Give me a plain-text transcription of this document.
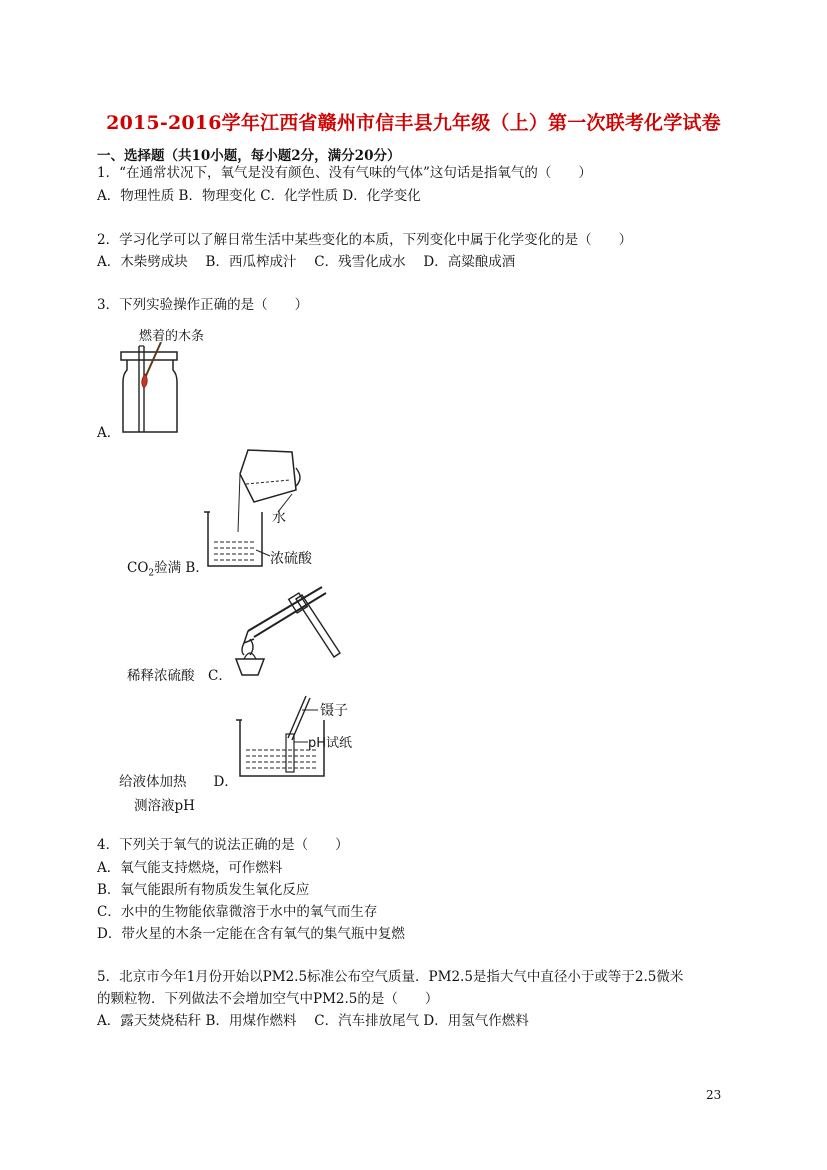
2015-2016学年江西省赣州市信丰县九年级（上）第一次联考化学试卷
一、选择题（共10小题，每小题2分，满分20分）
1．“在通常状况下，氧气是没有颜色、没有气味的气体”这句话是指氧气的（　　）
A．物理性质 B．物理变化 C．化学性质 D．化学变化
2．学习化学可以了解日常生活中某些变化的本质，下列变化中属于化学变化的是（　　）
A．木柴劈成块　 B．西瓜榨成汁　 C．残雪化成水　 D．高粱酿成酒
3．下列实验操作正确的是（　　）
燃着的木条
A．
水
浓硫酸
$CO_2$验满 B．
稀释浓硫酸　C．
镊子
pH试纸
给液体加热　　D．
测溶液pH
4．下列关于氧气的说法正确的是（　　）
A．氧气能支持燃烧，可作燃料
B．氧气能跟所有物质发生氧化反应
C．水中的生物能依靠微溶于水中的氧气而生存
D．带火星的木条一定能在含有氧气的集气瓶中复燃
5．北京市今年1月份开始以PM2.5标准公布空气质量．PM2.5是指大气中直径小于或等于2.5微米
的颗粒物．下列做法不会增加空气中PM2.5的是（　　）
A．露天焚烧秸秆 B．用煤作燃料　 C．汽车排放尾气 D．用氢气作燃料
23
